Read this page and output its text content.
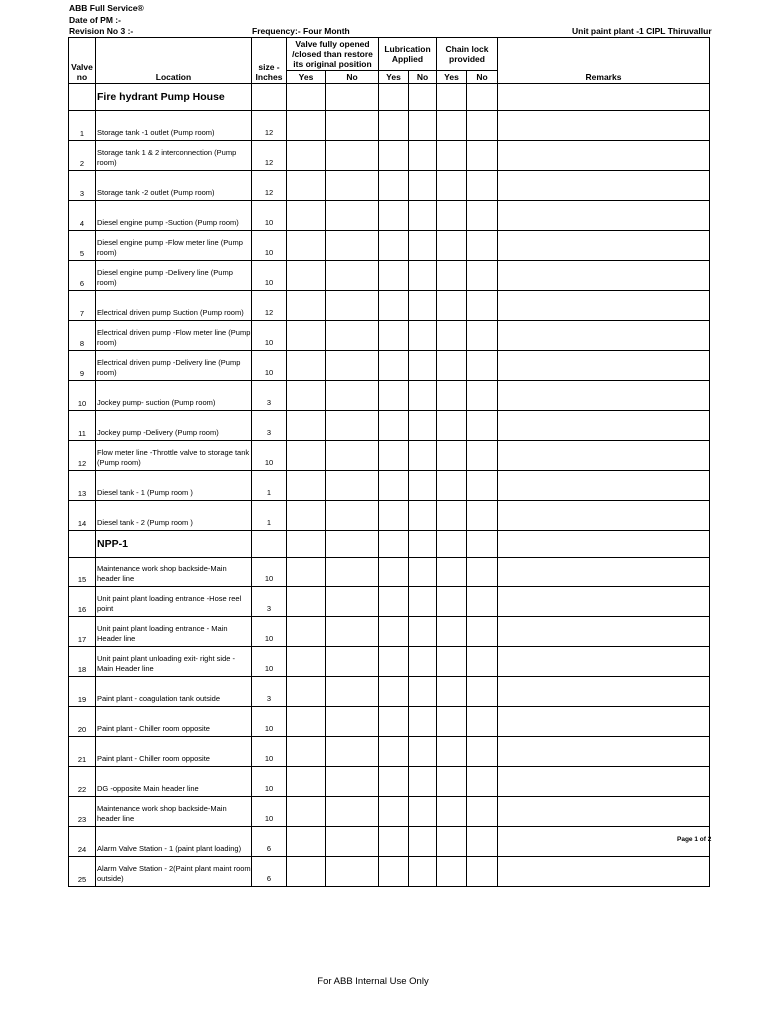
ABB Full Service®
Date of PM :-
Revision No 3 :-	Frequency:- Four Month	Unit paint plant -1 CIPL Thiruvallur
Valve no	Location	size - Inches	Valve fully opened /closed than restore its original position		Lubrication Applied		Chain lock provided		Remarks
			Yes	No	Yes	No	Yes	No	
	Fire hydrant Pump House								
1	Storage tank -1 outlet (Pump room)	12							
2	Storage tank 1 & 2 interconnection (Pump room)	12							
3	Storage tank -2 outlet (Pump room)	12							
4	Diesel engine pump -Suction (Pump room)	10							
5	Diesel engine pump -Flow meter line (Pump room)	10							
6	Diesel engine pump -Delivery line (Pump room)	10							
7	Electrical driven pump Suction (Pump room)	12							
8	Electrical driven pump -Flow meter line (Pump room)	10							
9	Electrical driven pump -Delivery line (Pump room)	10							
10	Jockey pump- suction (Pump room)	3							
11	Jockey pump -Delivery (Pump room)	3							
12	Flow meter line -Throttle valve to storage tank (Pump room)	10							
13	Diesel tank - 1 (Pump room )	1							
14	Diesel tank - 2 (Pump room )	1							
	NPP-1								
15	Maintenance work shop backside-Main header line	10							
16	Unit paint plant loading entrance -Hose reel point	3							
17	Unit paint plant loading entrance - Main Header line	10							
18	Unit paint plant unloading exit- right side - Main Header line	10							
19	Paint plant - coagulation tank outside	3							
20	Paint plant - Chiller room opposite	10							
21	Paint plant - Chiller room opposite	10							
22	DG -opposite Main header line	10							
23	Maintenance work shop backside-Main header line	10							
24	Alarm Valve Station - 1 (paint plant loading)	6							
25	Alarm Valve Station - 2(Paint plant maint room outside)	6							
Page 1 of 2
For ABB Internal Use Only
